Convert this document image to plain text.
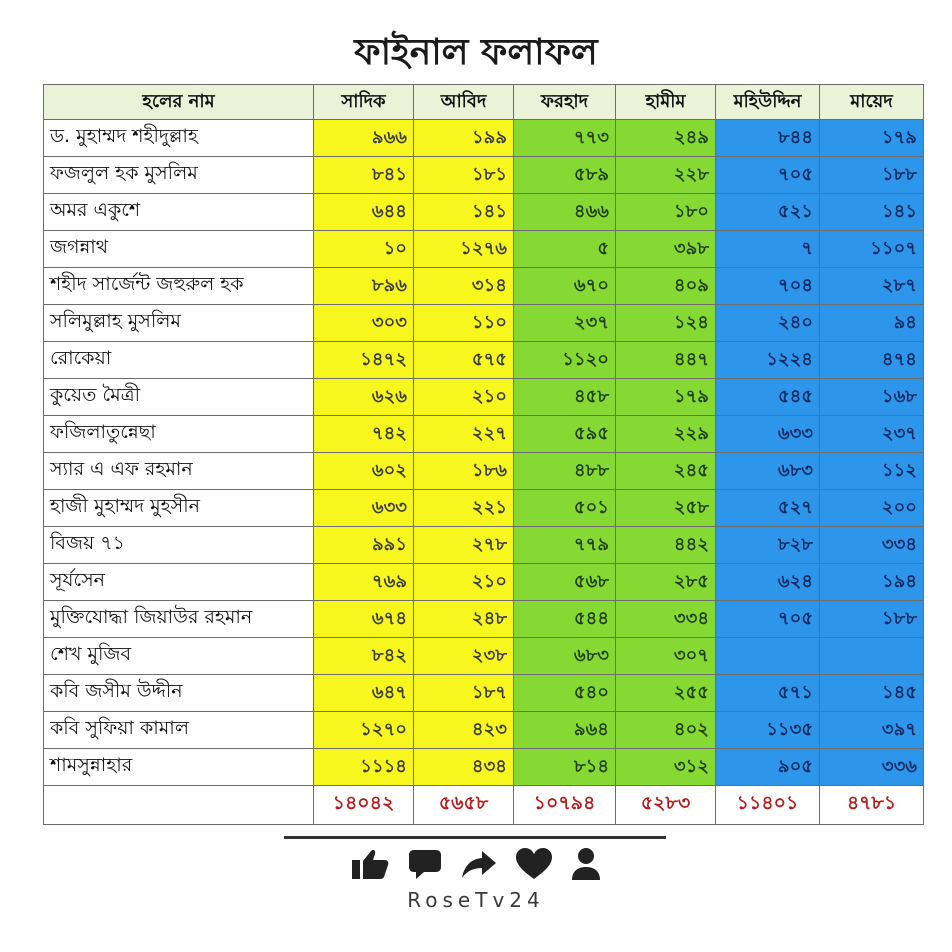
ফাইনাল ফলাফল
হলের নাম	সাদিক	আবিদ	ফরহাদ	হামীম	মহিউদ্দিন	মায়েদ
ড. মুহাম্মদ শহীদুল্লাহ	৯৬৬	১৯৯	৭৭৩	২৪৯	৮৪৪	১৭৯
ফজলুল হক মুসলিম	৮৪১	১৮১	৫৮৯	২২৮	৭০৫	১৮৮
অমর একুশে	৬৪৪	১৪১	৪৬৬	১৮০	৫২১	১৪১
জগন্নাথ	১০	১২৭৬	৫	৩৯৮	৭	১১০৭
শহীদ সার্জেন্ট জহুরুল হক	৮৯৬	৩১৪	৬৭০	৪০৯	৭০৪	২৮৭
সলিমুল্লাহ মুসলিম	৩০৩	১১০	২৩৭	১২৪	২৪০	৯৪
রোকেয়া	১৪৭২	৫৭৫	১১২০	৪৪৭	১২২৪	৪৭৪
কুয়েত মৈত্রী	৬২৬	২১০	৪৫৮	১৭৯	৫৪৫	১৬৮
ফজিলাতুন্নেছা	৭৪২	২২৭	৫৯৫	২২৯	৬৩৩	২৩৭
স্যার এ এফ রহমান	৬০২	১৮৬	৪৮৮	২৪৫	৬৮৩	১১২
হাজী মুহাম্মদ মুহসীন	৬৩৩	২২১	৫০১	২৫৮	৫২৭	২০০
বিজয় ৭১	৯৯১	২৭৮	৭৭৯	৪৪২	৮২৮	৩৩৪
সূর্যসেন	৭৬৯	২১০	৫৬৮	২৮৫	৬২৪	১৯৪
মুক্তিযোদ্ধা জিয়াউর রহমান	৬৭৪	২৪৮	৫৪৪	৩৩৪	৭০৫	১৮৮
শেখ মুজিব	৮৪২	২৩৮	৬৮৩	৩০৭		
কবি জসীম উদ্দীন	৬৪৭	১৮৭	৫৪০	২৫৫	৫৭১	১৪৫
কবি সুফিয়া কামাল	১২৭০	৪২৩	৯৬৪	৪০২	১১৩৫	৩৯৭
শামসুন্নাহার	১১১৪	৪৩৪	৮১৪	৩১২	৯০৫	৩৩৬
	১৪০৪২	৫৬৫৮	১০৭৯৪	৫২৮৩	১১৪০১	৪৭৮১
RoseTv24
